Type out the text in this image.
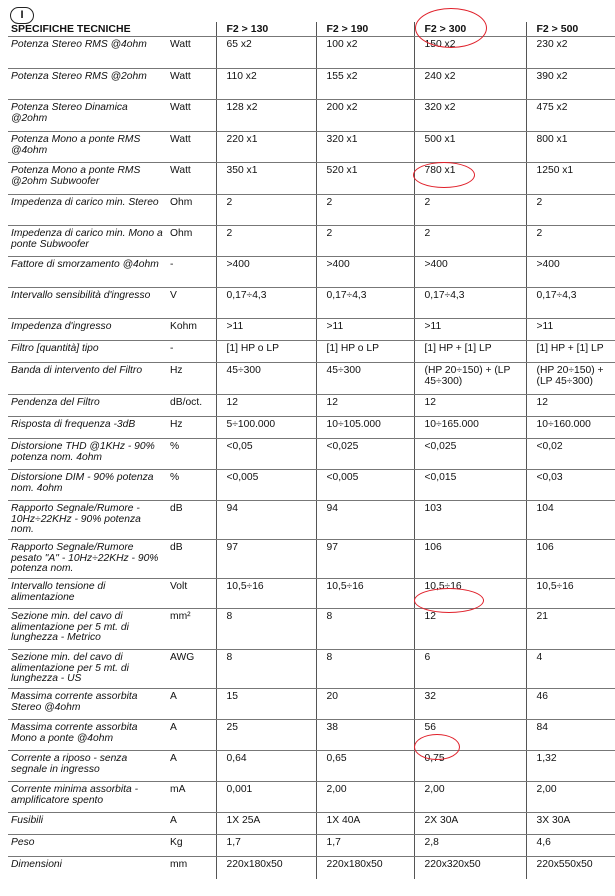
I
SPECIFICHE TECNICHE		F2 > 130	F2 > 190	F2 > 300	F2 > 500
Potenza Stereo RMS @4ohm	Watt	65 x2	100 x2	150 x2	230 x2
Potenza Stereo RMS @2ohm	Watt	110 x2	155 x2	240 x2	390 x2
Potenza Stereo Dinamica @2ohm	Watt	128 x2	200 x2	320 x2	475 x2
Potenza Mono a ponte RMS @4ohm	Watt	220 x1	320 x1	500 x1	800 x1
Potenza Mono a ponte RMS @2ohm Subwoofer	Watt	350 x1	520 x1	780 x1	1250 x1
Impedenza di carico min. Stereo	Ohm	2	2	2	2
Impedenza di carico min. Mono a ponte Subwoofer	Ohm	2	2	2	2
Fattore di smorzamento @4ohm	-	>400	>400	>400	>400
Intervallo sensibilità d'ingresso	V	0,17÷4,3	0,17÷4,3	0,17÷4,3	0,17÷4,3
Impedenza d'ingresso	Kohm	>11	>11	>11	>11
Filtro [quantità] tipo	-	[1] HP o LP	[1] HP o LP	[1] HP + [1] LP	[1] HP + [1] LP
Banda di intervento del Filtro	Hz	45÷300	45÷300	(HP 20÷150) + (LP 45÷300)	(HP 20÷150) + (LP 45÷300)
Pendenza del Filtro	dB/oct.	12	12	12	12
Risposta di frequenza -3dB	Hz	5÷100.000	10÷105.000	10÷165.000	10÷160.000
Distorsione THD @1KHz - 90% potenza nom. 4ohm	%	<0,05	<0,025	<0,025	<0,02
Distorsione DIM - 90% potenza nom. 4ohm	%	<0,005	<0,005	<0,015	<0,03
Rapporto Segnale/Rumore - 10Hz÷22KHz - 90% potenza nom.	dB	94	94	103	104
Rapporto Segnale/Rumore pesato "A" - 10Hz÷22KHz - 90% potenza nom.	dB	97	97	106	106
Intervallo tensione di alimentazione	Volt	10,5÷16	10,5÷16	10,5÷16	10,5÷16
Sezione min. del cavo di alimentazione per 5 mt. di lunghezza - Metrico	mm²	8	8	12	21
Sezione min. del cavo di alimentazione per 5 mt. di lunghezza - US	AWG	8	8	6	4
Massima corrente assorbita Stereo @4ohm	A	15	20	32	46
Massima corrente assorbita Mono a ponte @4ohm	A	25	38	56	84
Corrente a riposo - senza segnale in ingresso	A	0,64	0,65	0,75	1,32
Corrente minima assorbita - amplificatore spento	mA	0,001	2,00	2,00	2,00
Fusibili	A	1X 25A	1X 40A	2X 30A	3X 30A
Peso	Kg	1,7	1,7	2,8	4,6
Dimensioni	mm	220x180x50	220x180x50	220x320x50	220x550x50
